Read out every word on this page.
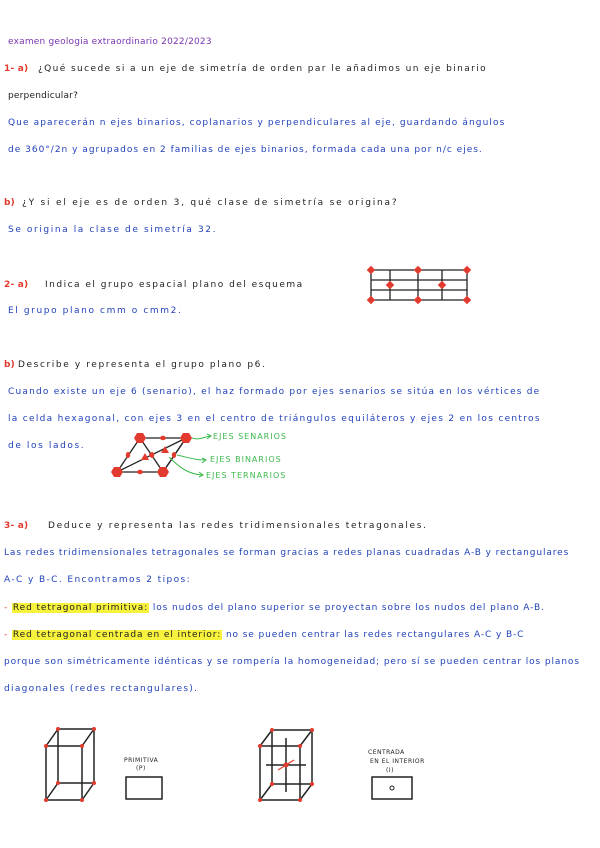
examen geologia extraordinario 2022/2023
1- a) ¿Qué sucede si a un eje de simetría de orden par le añadimos un eje binario
perpendicular?
Que aparecerán n ejes binarios, coplanarios y perpendiculares al eje, guardando ángulos
de 360°/2n y agrupados en 2 familias de ejes binarios, formada cada una por n/c ejes.
b) ¿Y si el eje es de orden 3, qué clase de simetría se origina?
Se origina la clase de simetría 32.
2- a) Indica el grupo espacial plano del esquema
El grupo plano cmm o cmm2.
b) Describe y representa el grupo plano p6.
Cuando existe un eje 6 (senario), el haz formado por ejes senarios se sitúa en los vértices de
la celda hexagonal, con ejes 3 en el centro de triángulos equiláteros y ejes 2 en los centros
de los lados.
EJES SENARIOS
EJES BINARIOS
EJES TERNARIOS
3- a) Deduce y representa las redes tridimensionales tetragonales.
Las redes tridimensionales tetragonales se forman gracias a redes planas cuadradas A-B y rectangulares
A-C y B-C. Encontramos 2 tipos:
- Red tetragonal primitiva: los nudos del plano superior se proyectan sobre los nudos del plano A-B.
- Red tetragonal centrada en el interior: no se pueden centrar las redes rectangulares A-C y B-C
porque son simétricamente idénticas y se rompería la homogeneidad; pero sí se pueden centrar los planos
diagonales (redes rectangulares).
PRIMITIVA
(P)
CENTRADA
EN EL INTERIOR
(I)
